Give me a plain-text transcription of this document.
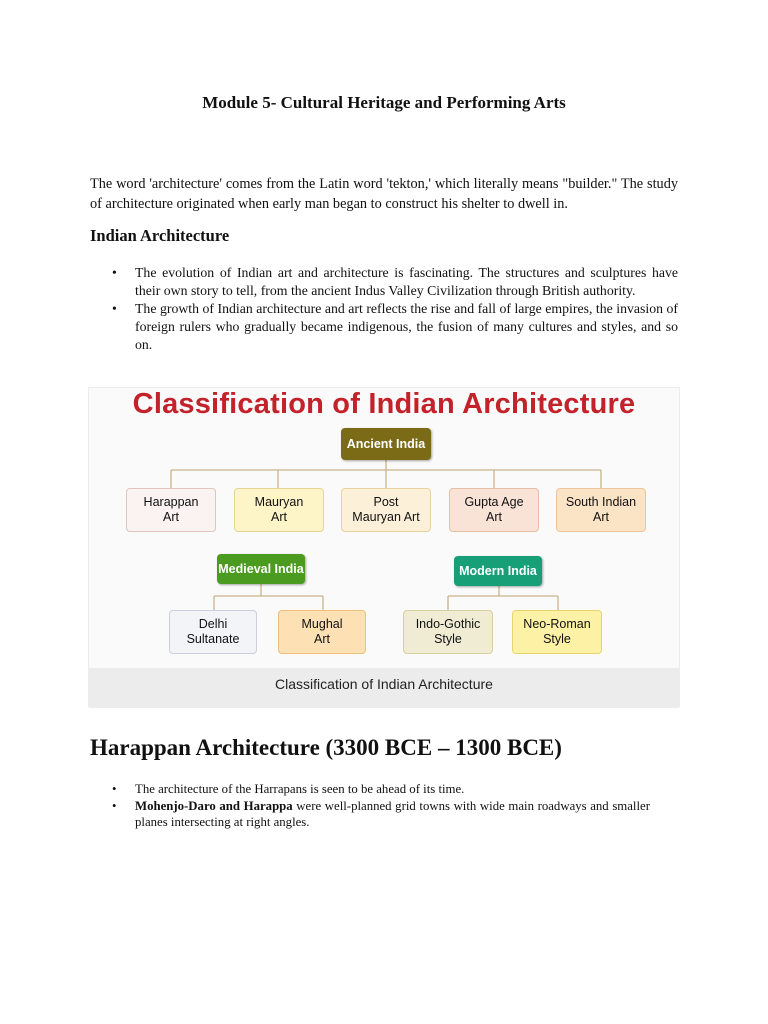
Module 5- Cultural Heritage and Performing Arts

The word 'architecture' comes from the Latin word 'tekton,' which literally means "builder." The study of architecture originated when early man began to construct his shelter to dwell in.

Indian Architecture
• The evolution of Indian art and architecture is fascinating. The structures and sculptures have their own story to tell, from the ancient Indus Valley Civilization through British authority.
• The growth of Indian architecture and art reflects the rise and fall of large empires, the invasion of foreign rulers who gradually became indigenous, the fusion of many cultures and styles, and so on.
Classification of Indian Architecture
Ancient India
Harappan
Art
Mauryan
Art
Post
Mauryan Art
Gupta Age
Art
South Indian
Art
Medieval India	Modern India
Delhi
Sultanate
Mughal
Art
Indo-Gothic
Style
Neo-Roman
Style
Classification of Indian Architecture
Harappan Architecture (3300 BCE – 1300 BCE)
• The architecture of the Harrapans is seen to be ahead of its time.
• Mohenjo-Daro and Harappa were well-planned grid towns with wide main roadways and smaller planes intersecting at right angles.
